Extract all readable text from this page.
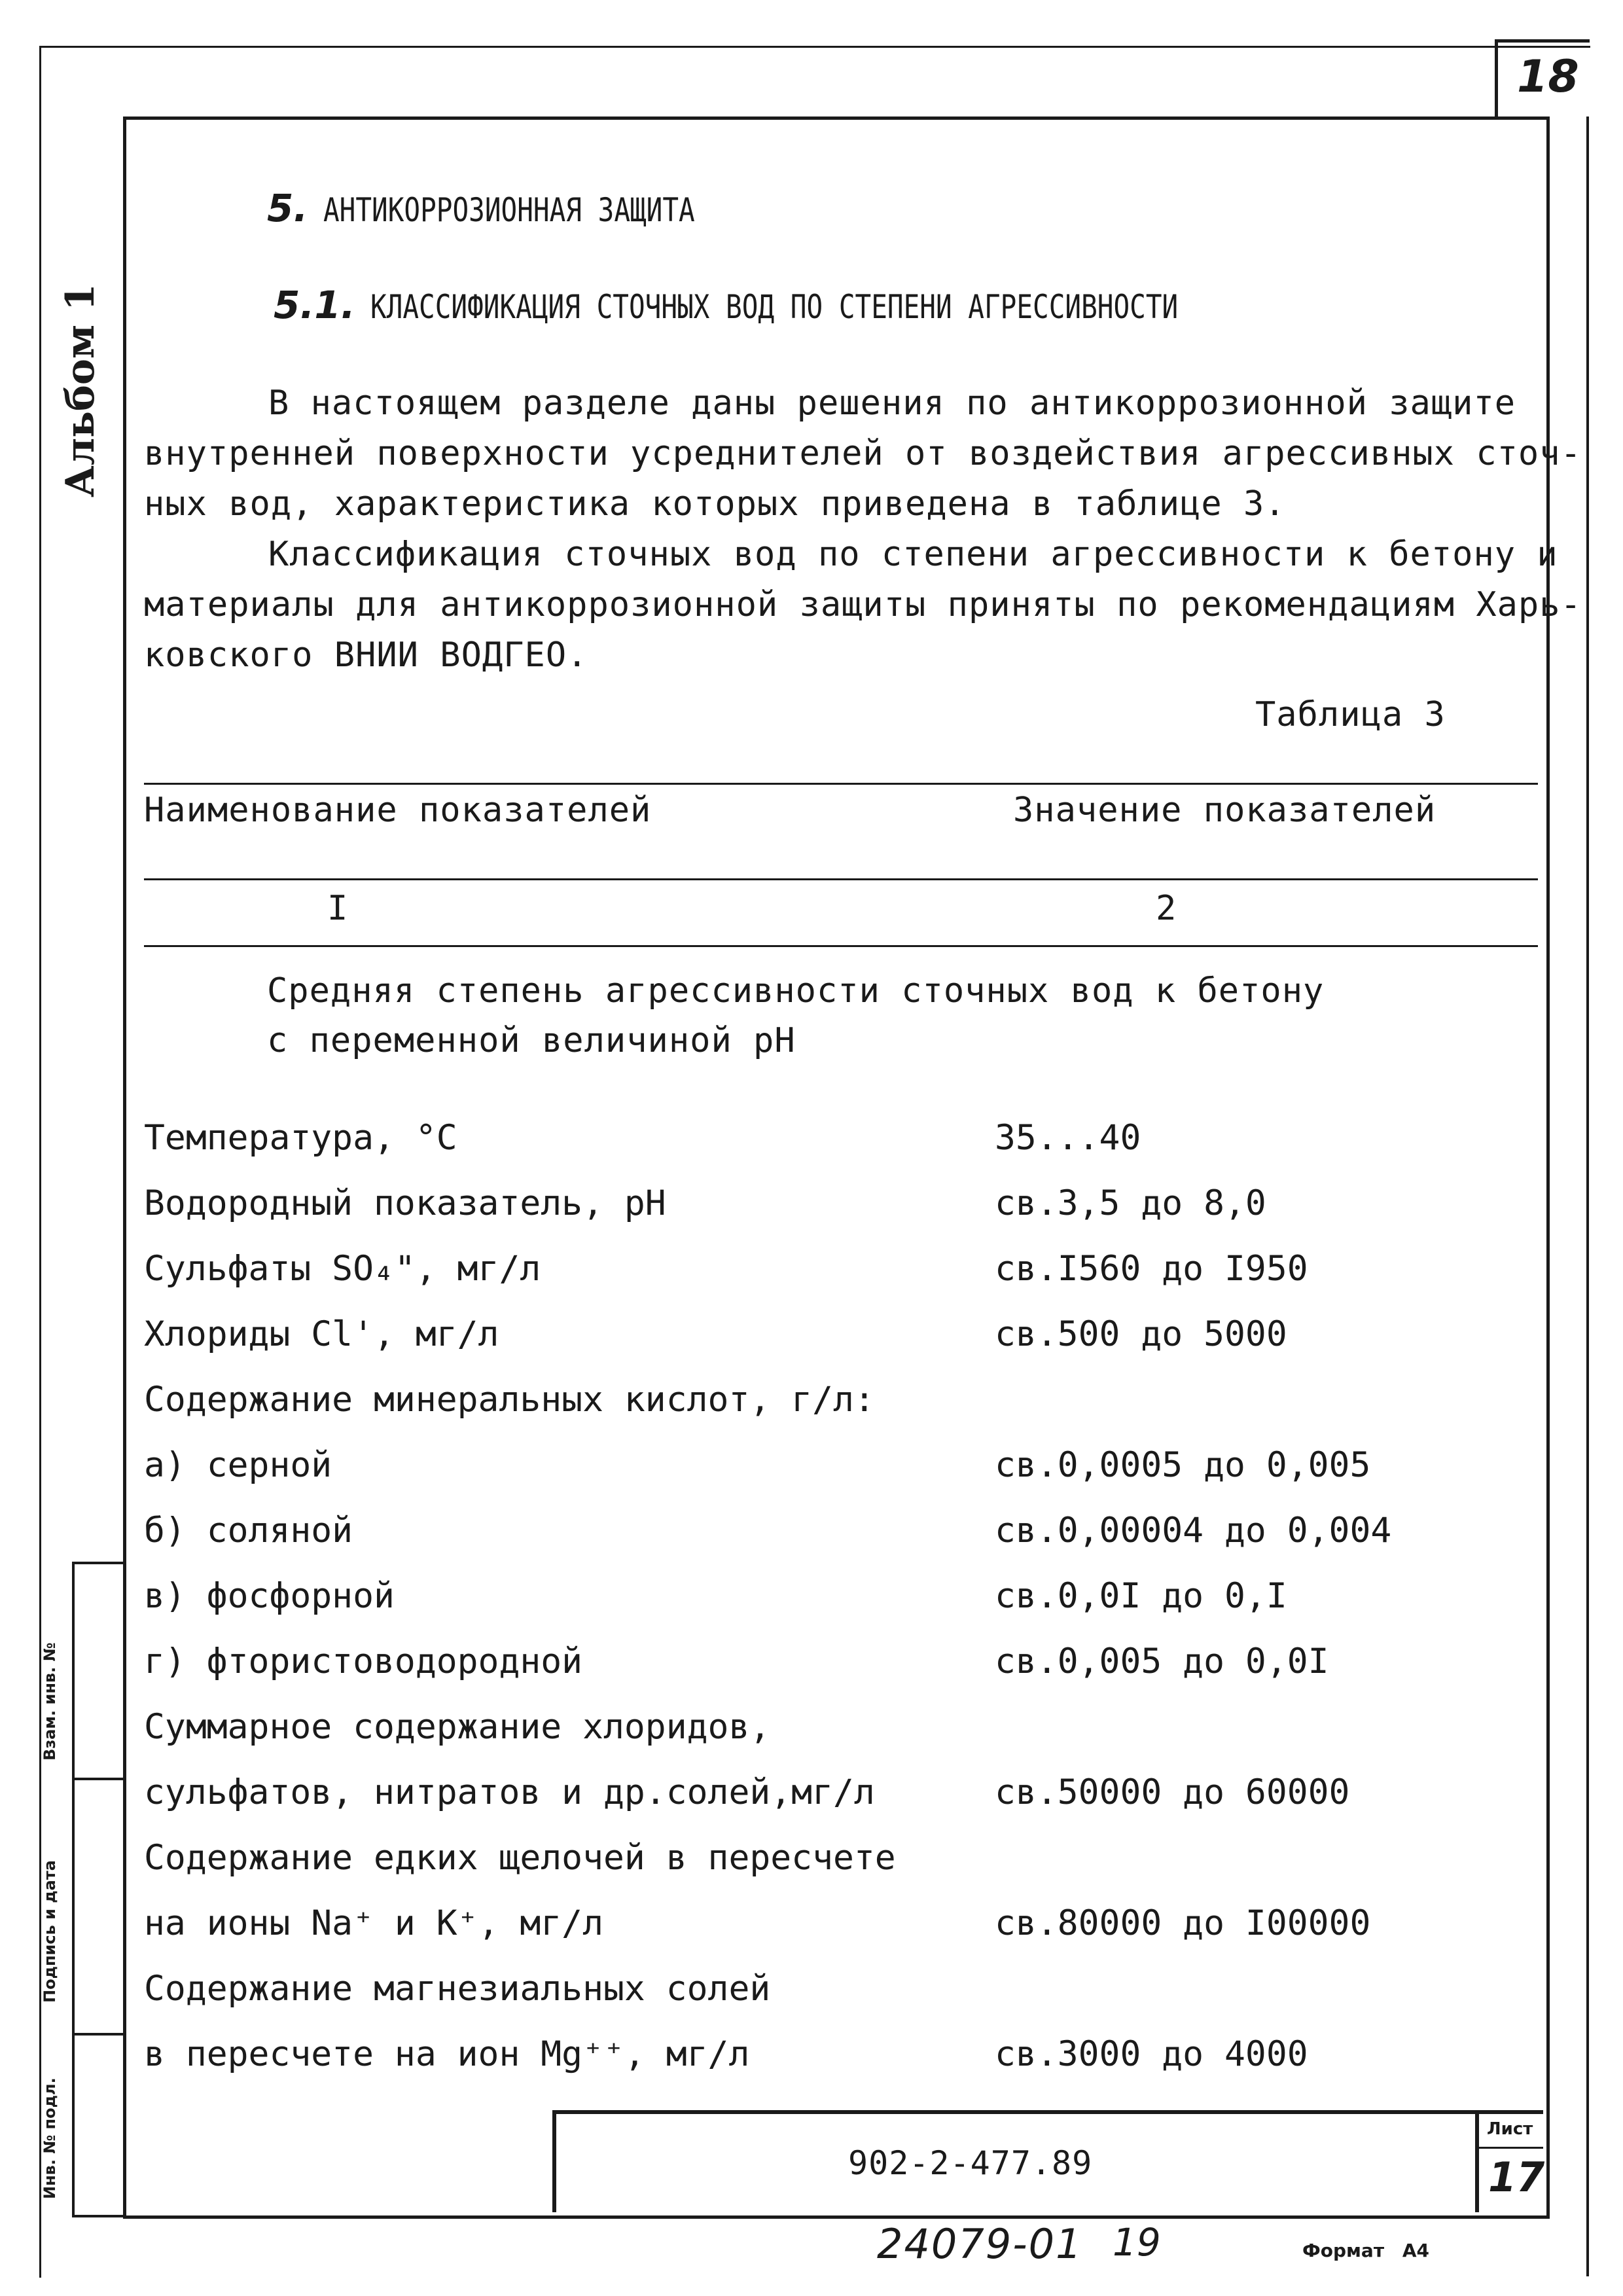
18
Альбом 1
5. АНТИКОРРОЗИОННАЯ ЗАЩИТА
5.1. КЛАССИФИКАЦИЯ СТОЧНЫХ ВОД ПО СТЕПЕНИ АГРЕССИВНОСТИ
В настоящем разделе даны решения по антикоррозионной защите
внутренней поверхности усреднителей от воздействия агрессивных сточ-
ных вод, характеристика которых приведена в таблице 3.
Классификация сточных вод по степени агрессивности к бетону и
материалы для антикоррозионной защиты приняты по рекомендациям Харь-
ковского ВНИИ ВОДГЕО.
Таблица 3
Наименование показателей	Значение показателей
I	2
Средняя степень агрессивности сточных вод к бетону
с переменной величиной pH
Температура, °C	35...40
Водородный показатель, pH	св.3,5 до 8,0
Сульфаты SO₄", мг/л	св.I560 до I950
Хлориды Cl', мг/л	св.500 до 5000
Содержание минеральных кислот, г/л:
а) серной	св.0,0005 до 0,005
б) соляной	св.0,00004 до 0,004
в) фосфорной	св.0,0I до 0,I
г) фтористоводородной	св.0,005 до 0,0I
Суммарное содержание хлоридов,
сульфатов, нитратов и др.солей,мг/л	св.50000 до 60000
Содержание едких щелочей в пересчете
на ионы Na⁺ и K⁺, мг/л	св.80000 до I00000
Содержание магнезиальных солей
в пересчете на ион Mg⁺⁺, мг/л	св.3000 до 4000
Взам. инв. №
Подпись и дата
Инв. № подл.	902-2-477.89
Лист
17
24079-01 19	Формат А4
